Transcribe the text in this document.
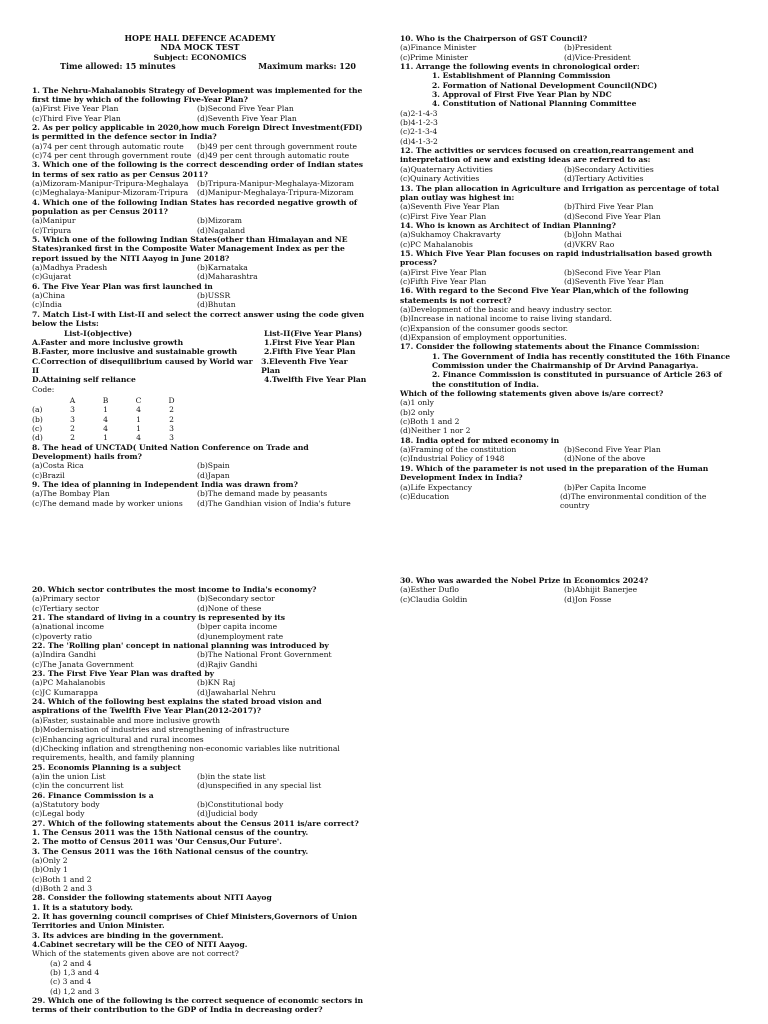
HOPE HALL DEFENCE ACADEMY
NDA MOCK TEST
Subject: ECONOMICS
Time allowed: 15 minutes	Maximum marks: 120
1. The Nehru-Mahalanobis Strategy of Development was implemented for the first time by which of the following Five-Year Plan?
(a)First Five Year Plan	(b)Second Five Year Plan
(c)Third Five Year Plan	(d)Seventh Five Year Plan
2. As per policy applicable in 2020,how much Foreign Direct Investment(FDI) is permitted in the defence sector in India?
(a)74 per cent through automatic route	(b)49 per cent through government route
(c)74 per cent through government route (d)49 per cent through automatic route
3. Which one of the following is the correct descending order of Indian states in terms of sex ratio as per Census 2011?
(a)Mizoram-Manipur-Tripura-Meghalaya	(b)Tripura-Manipur-Meghalaya-Mizoram
(c)Meghalaya-Manipur-Mizoram-Tripura	(d)Manipur-Meghalaya-Tripura-Mizoram
4. Which one of the following Indian States has recorded negative growth of population as per Census 2011?
(a)Manipur	(b)Mizoram
(c)Tripura	(d)Nagaland
5. Which one of the following Indian States(other than Himalayan and NE States)ranked first in the Composite Water Management Index as per the report issued by the NITI Aayog in June 2018?
(a)Madhya Pradesh	(b)Karnataka
(c)Gujarat	(d)Maharashtra
6. The Five Year Plan was first launched in
(a)China	(b)USSR
(c)India	(d)Bhutan
7. Match List-I with List-II and select the correct answer using the code given below the Lists:
List-I(objective)	List-II(Five Year Plans)
A.Faster and more inclusive growth	1.First Five Year Plan
B.Faster, more inclusive and sustainable growth	2.Fifth Five Year Plan
C.Correction of disequilibrium caused by World war II
3.Eleventh Five Year Plan
D.Attaining self reliance	4.Twelfth Five Year Plan
Code:
	A	B	C	D
(a)	3	1	4	2
(b)	3	4	1	2
(c)	2	4	1	3
(d)	2	1	4	3
8. The head of UNCTAD( United Nation Conference on Trade and Development) hails from?
(a)Costa Rica	(b)Spain
(c)Brazil	(d)Japan
9. The idea of planning in Independent India was drawn from?
(a)The Bombay Plan	(b)The demand made by peasants
(c)The demand made by worker unions	(d)The Gandhian vision of India's future
10. Who is the Chairperson of GST Council?
(a)Finance Minister	(b)President
(c)Prime Minister	(d)Vice-President
11. Arrange the following events in chronological order:
1. Establishment of Planning Commission
2. Formation of National Development Council(NDC)
3. Approval of First Five Year Plan by NDC
4. Constitution of National Planning Committee
(a)2-1-4-3
(b)4-1-2-3
(c)2-1-3-4
(d)4-1-3-2
12. The activities or services focused on creation,rearrangement and interpretation of new and existing ideas are referred to as:
(a)Quaternary Activities	(b)Secondary Activities
(c)Quinary Activities	(d)Tertiary Activities
13. The plan allocation in Agriculture and Irrigation as percentage of total plan outlay was highest in:
(a)Seventh Five Year Plan	(b)Third Five Year Plan
(c)First Five Year Plan	(d)Second Five Year Plan
14. Who is known as Architect of Indian Planning?
(a)Sukhamoy Chakravarty	(b)John Mathai
(c)PC Mahalanobis	(d)VKRV Rao
15. Which Five Year Plan focuses on rapid industrialisation based growth process?
(a)First Five Year Plan	(b)Second Five Year Plan
(c)Fifth Five Year Plan	(d)Seventh Five Year Plan
16. With regard to the Second Five Year Plan,which of the following statements is not correct?
(a)Development of the basic and heavy industry sector.
(b)Increase in national income to raise living standard.
(c)Expansion of the consumer goods sector.
(d)Expansion of employment opportunities.
17. Consider the following statements about the Finance Commission:
1. The Government of India has recently constituted the 16th Finance Commission under the Chairmanship of Dr Arvind Panagariya.
2. Finance Commission is constituted in pursuance of Article 263 of the constitution of India.
Which of the following statements given above is/are correct?
(a)1 only
(b)2 only
(c)Both 1 and 2
(d)Neither 1 nor 2
18. India opted for mixed economy in
(a)Framing of the constitution	(b)Second Five Year Plan
(c)Industrial Policy of 1948	(d)None of the above
19. Which of the parameter is not used in the preparation of the Human Development Index in India?
(a)Life Expectancy	(b)Per Capita Income
(c)Education	(d)The environmental condition of the country
20. Which sector contributes the most income to India's economy?
(a)Primary sector	(b)Secondary sector
(c)Tertiary sector	(d)None of these
21. The standard of living in a country is represented by its
(a)national income	(b)per capita income
(c)poverty ratio	(d)unemployment rate
22. The 'Rolling plan' concept in national planning was introduced by
(a)Indira Gandhi	(b)The National Front Government
(c)The Janata Government	(d)Rajiv Gandhi
23. The First Five Year Plan was drafted by
(a)PC Mahalanobis	(b)KN Raj
(c)JC Kumarappa	(d)Jawaharlal Nehru
24. Which of the following best explains the stated broad vision and aspirations of the Twelfth Five Year Plan(2012-2017)?
(a)Faster, sustainable and more inclusive growth
(b)Modernisation of industries and strengthening of infrastructure
(c)Enhancing agricultural and rural incomes
(d)Checking inflation and strengthening non-economic variables like nutritional requirements, health, and family planning
25. Economis Planning is a subject
(a)in the union List	(b)in the state list
(c)in the concurrent list	(d)unspecified in any special list
26. Finance Commission is a
(a)Statutory body	(b)Constitutional body
(c)Legal body	(d)Judicial body
27. Which of the following statements about the Census 2011 is/are correct?
1. The Census 2011 was the 15th National census of the country.
2. The motto of Census 2011 was 'Our Census,Our Future'.
3. The Census 2011 was the 16th National census of the country.
(a)Only 2
(b)Only 1
(c)Both 1 and 2
(d)Both 2 and 3
28. Consider the following statements about NITI Aayog
1. It is a statutory body.
2. It has governing council comprises of Chief Ministers,Governors of Union Territories and Union Minister.
3. Its advices are binding in the government.
4.Cabinet secretary will be the CEO of NITI Aayog.
Which of the statements given above are not correct?
(a) 2 and 4
(b) 1,3 and 4
(c) 3 and 4
(d) 1,2 and 3
29. Which one of the following is the correct sequence of economic sectors in terms of their contribution to the GDP of India in decreasing order?
30. Who was awarded the Nobel Prize in Economics 2024?
(a)Esther Duflo	(b)Abhijit Banerjee
(c)Claudia Goldin	(d)Jon Fosse
